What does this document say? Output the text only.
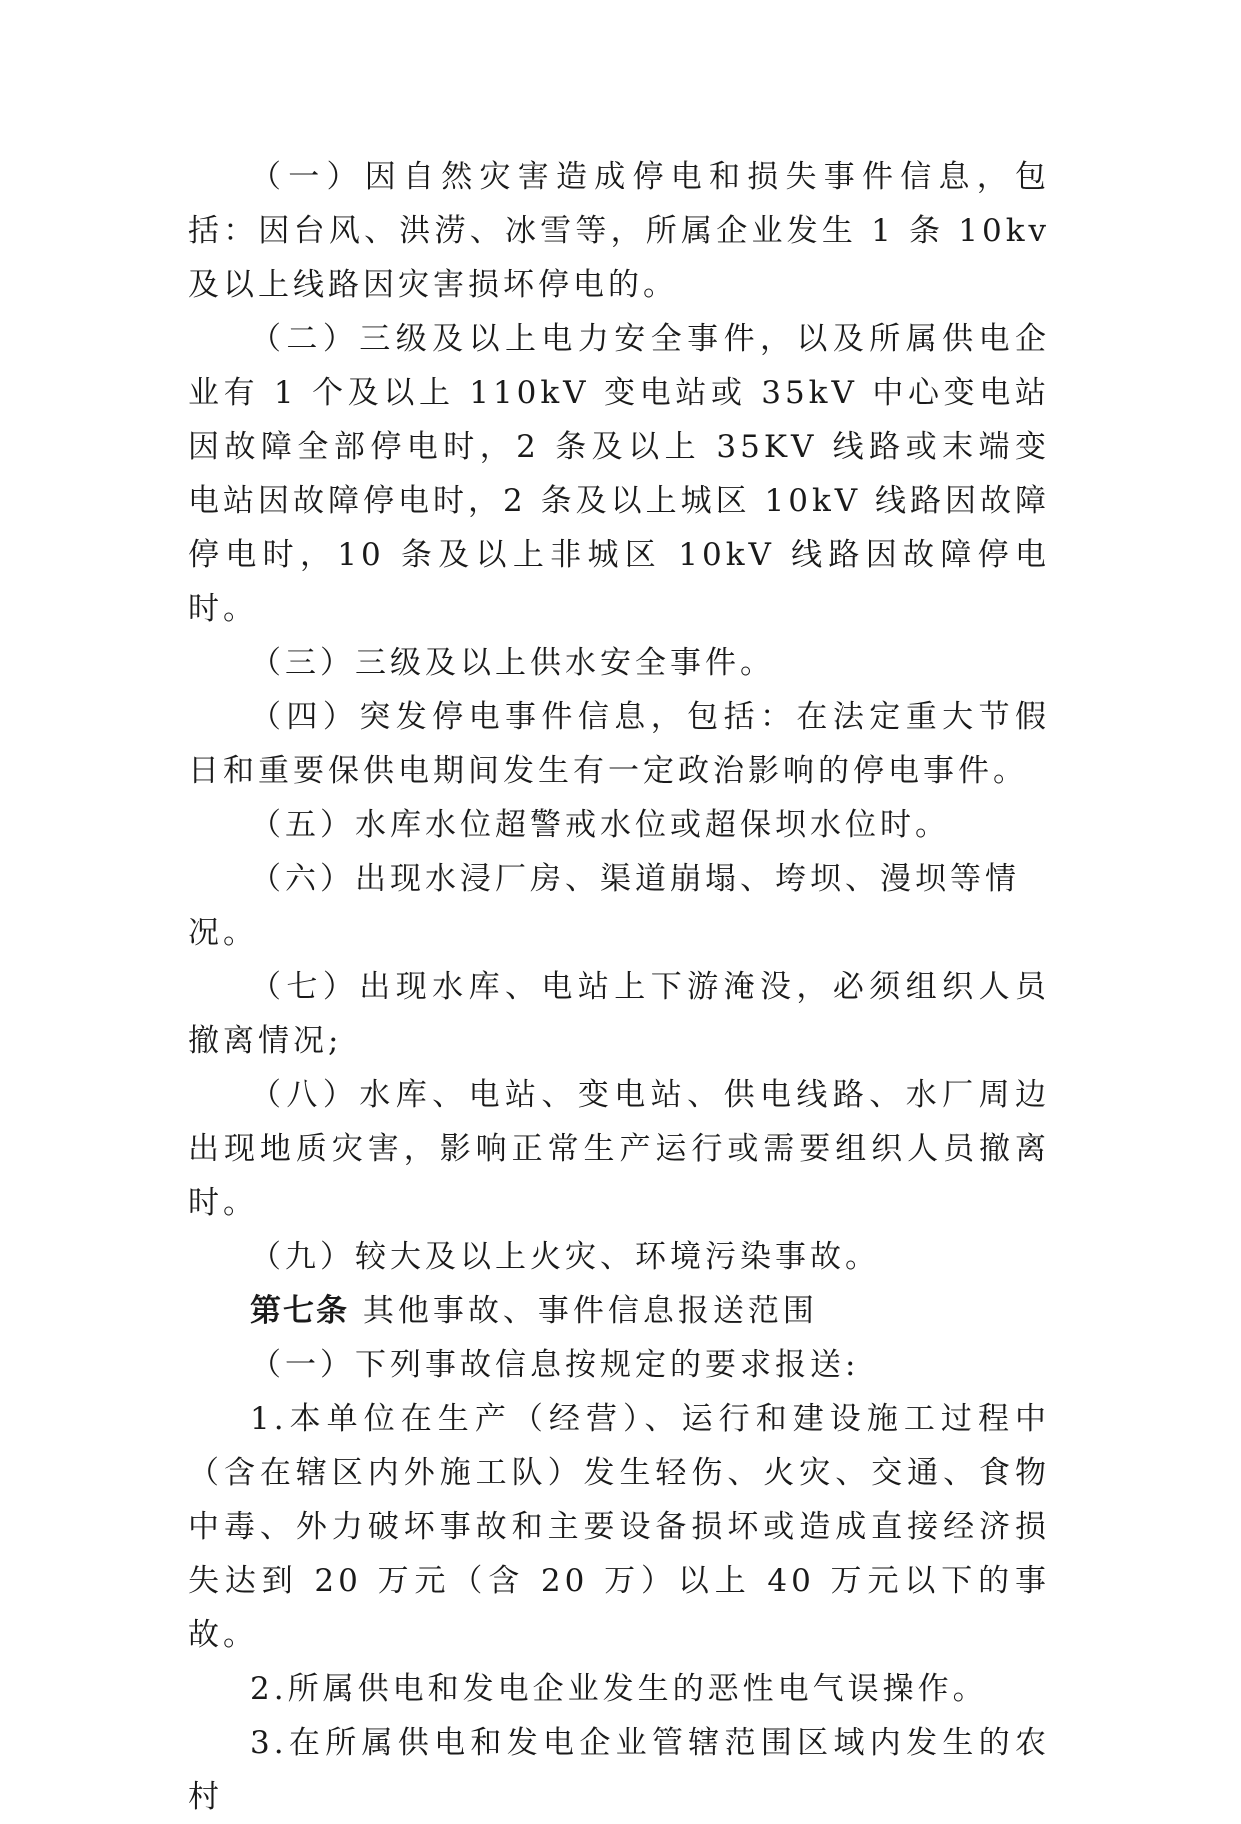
（一）因自然灾害造成停电和损失事件信息，包括：因台风、洪涝、冰雪等，所属企业发生 1 条 10kv 及以上线路因灾害损坏停电的。

（二）三级及以上电力安全事件，以及所属供电企业有 1 个及以上 110kV 变电站或 35kV 中心变电站因故障全部停电时，2 条及以上 35KV 线路或末端变电站因故障停电时，2 条及以上城区 10kV 线路因故障停电时，10 条及以上非城区 10kV 线路因故障停电时。

（三）三级及以上供水安全事件。

（四）突发停电事件信息，包括：在法定重大节假日和重要保供电期间发生有一定政治影响的停电事件。

（五）水库水位超警戒水位或超保坝水位时。

（六）出现水浸厂房、渠道崩塌、垮坝、漫坝等情况。

（七）出现水库、电站上下游淹没，必须组织人员撤离情况;

（八）水库、电站、变电站、供电线路、水厂周边出现地质灾害，影响正常生产运行或需要组织人员撤离时。

（九）较大及以上火灾、环境污染事故。

第七条 其他事故、事件信息报送范围

（一）下列事故信息按规定的要求报送:

1.本单位在生产（经营）、运行和建设施工过程中（含在辖区内外施工队）发生轻伤、火灾、交通、食物中毒、外力破坏事故和主要设备损坏或造成直接经济损失达到 20 万元（含 20 万）以上 40 万元以下的事故。

2.所属供电和发电企业发生的恶性电气误操作。

3.在所属供电和发电企业管辖范围区域内发生的农村
